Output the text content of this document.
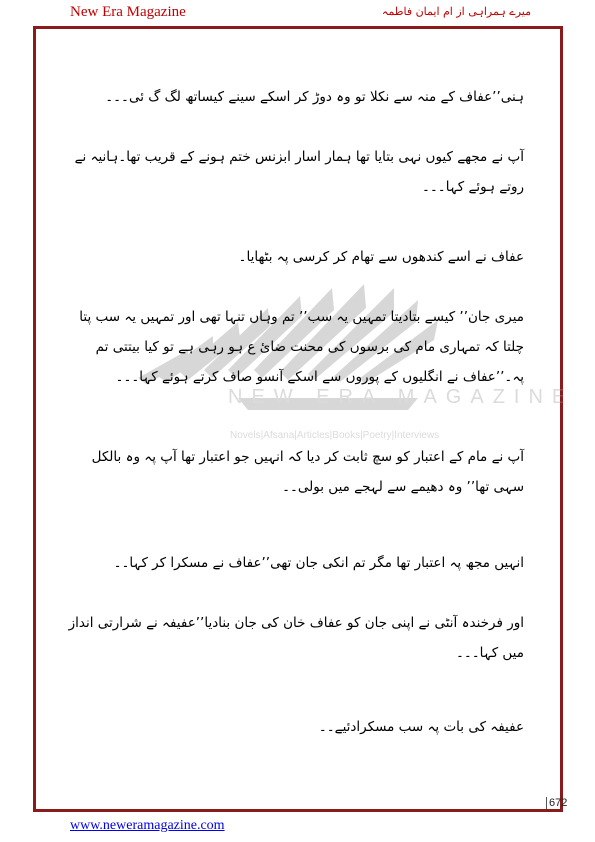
New Era Magazine	میرے ہمراہی از ام ایمان فاطمہ
NEW ERA MAGAZINE
Novels|Afsana|Articles|Books|Poetry|Interviews

ہنی’’عفاف کے منہ سے نکلا تو وہ دوڑ کر اسکے سینے کیساتھ لگ گ ئی۔۔۔

آپ نے مجھے کیوں نہی بتایا تھا ہمار اسار ابزنس ختم ہونے کے قریب تھا۔ہانیہ نے روتے ہوئے کہا۔۔۔

عفاف نے اسے کندھوں سے تھام کر کرسی پہ بٹھایا۔

میری جان’’ کیسے بتادیتا تمہیں یہ سب’’ تم وہاں تنہا تھی اور تمہیں یہ سب پتا چلتا کہ تمہاری مام کی برسوں کی محنت ضائ ع ہو رہی ہے تو کیا بیتتی تم پہ۔’’عفاف نے انگلیوں کے پوروں سے اسکے آنسو صاف کرتے ہوئے کہا۔۔۔

آپ نے مام کے اعتبار کو سچ ثابت کر دیا کہ انہیں جو اعتبار تھا آپ پہ وہ بالکل سہی تھا’’ وہ دھیمے سے لہجے میں بولی۔۔

انہیں مجھ پہ اعتبار تھا مگر تم انکی جان تھی’’عفاف نے مسکرا کر کہا۔۔

اور فرخندہ آنٹی نے اپنی جان کو عفاف خان کی جان بنادیا’’عفیفہ نے شرارتی انداز میں کہا۔۔۔

عفیفہ کی بات پہ سب مسکرادئیے۔۔

672
www.neweramagazine.com
